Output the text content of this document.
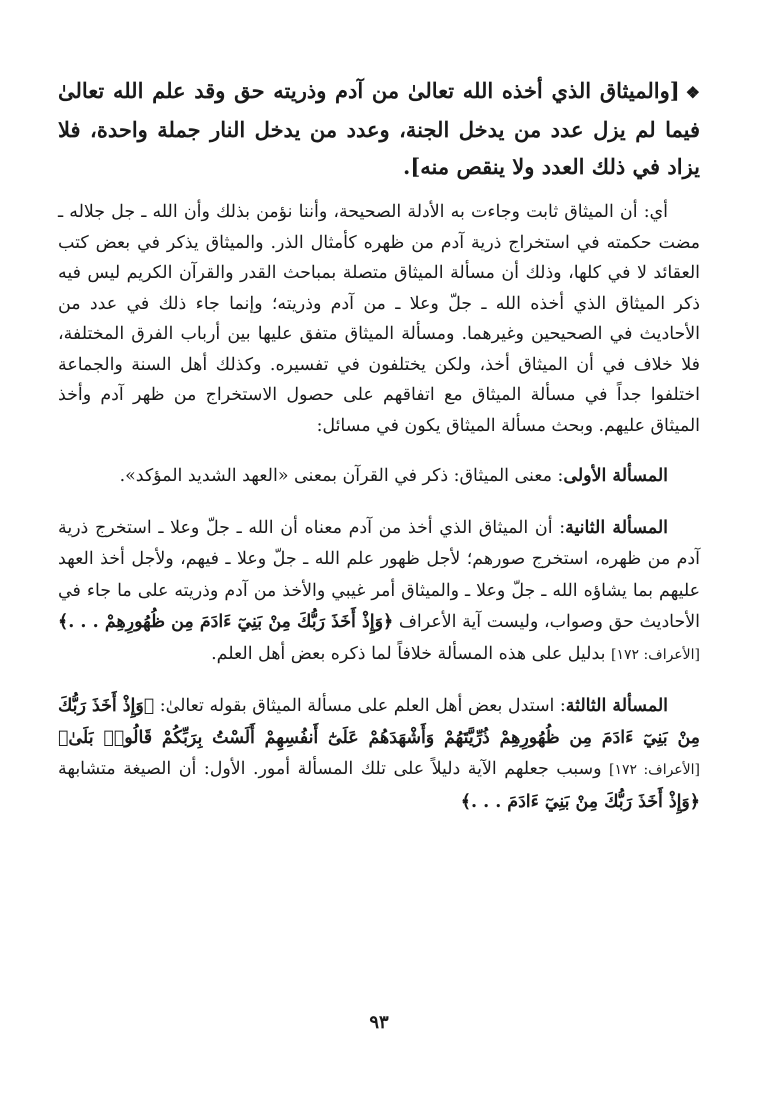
❖[والميثاق الذي أخذه الله تعالىٰ من آدم وذريته حق وقد علم الله تعالىٰ فيما لم يزل عدد من يدخل الجنة، وعدد من يدخل النار جملة واحدة، فلا يزاد في ذلك العدد ولا ينقص منه].

أي: أن الميثاق ثابت وجاءت به الأدلة الصحيحة، وأننا نؤمن بذلك وأن الله ـ جل جلاله ـ مضت حكمته في استخراج ذرية آدم من ظهره كأمثال الذر. والميثاق يذكر في بعض كتب العقائد لا في كلها، وذلك أن مسألة الميثاق متصلة بمباحث القدر والقرآن الكريم ليس فيه ذكر الميثاق الذي أخذه الله ـ جلّ وعلا ـ من آدم وذريته؛ وإنما جاء ذلك في عدد من الأحاديث في الصحيحين وغيرهما. ومسألة الميثاق متفق عليها بين أرباب الفرق المختلفة، فلا خلاف في أن الميثاق أخذ، ولكن يختلفون في تفسيره. وكذلك أهل السنة والجماعة اختلفوا جداً في مسألة الميثاق مع اتفاقهم على حصول الاستخراج من ظهر آدم وأخذ الميثاق عليهم. وبحث مسألة الميثاق يكون في مسائل:

المسألة الأولى: معنى الميثاق: ذكر في القرآن بمعنى «العهد الشديد المؤكد».

المسألة الثانية: أن الميثاق الذي أخذ من آدم معناه أن الله ـ جلّ وعلا ـ استخرج ذرية آدم من ظهره، استخرج صورهم؛ لأجل ظهور علم الله ـ جلّ وعلا ـ فيهم، ولأجل أخذ العهد عليهم بما يشاؤه الله ـ جلّ وعلا ـ والميثاق أمر غيبي والأخذ من آدم وذريته على ما جاء في الأحاديث حق وصواب، وليست آية الأعراف ﴿وَإِذْ أَخَذَ رَبُّكَ مِنْ بَنِيٓ ءَادَمَ مِن ظُهُورِهِمْ . . .﴾ [الأعراف: ١٧٢] بدليل على هذه المسألة خلافاً لما ذكره بعض أهل العلم.

المسألة الثالثة: استدل بعض أهل العلم على مسألة الميثاق بقوله تعالىٰ: ﴿وَإِذْ أَخَذَ رَبُّكَ مِنْ بَنِيٓ ءَادَمَ مِن ظُهُورِهِمْ ذُرِّيَّتَهُمْ وَأَشْهَدَهُمْ عَلَىٰٓ أَنفُسِهِمْ أَلَسْتُ بِرَبِّكُمْ قَالُوا۟ بَلَىٰ﴾ [الأعراف: ١٧٢] وسبب جعلهم الآية دليلاً على تلك المسألة أمور. الأول: أن الصيغة متشابهة ﴿وَإِذْ أَخَذَ رَبُّكَ مِنْ بَنِيٓ ءَادَمَ . . .﴾

٩٣
